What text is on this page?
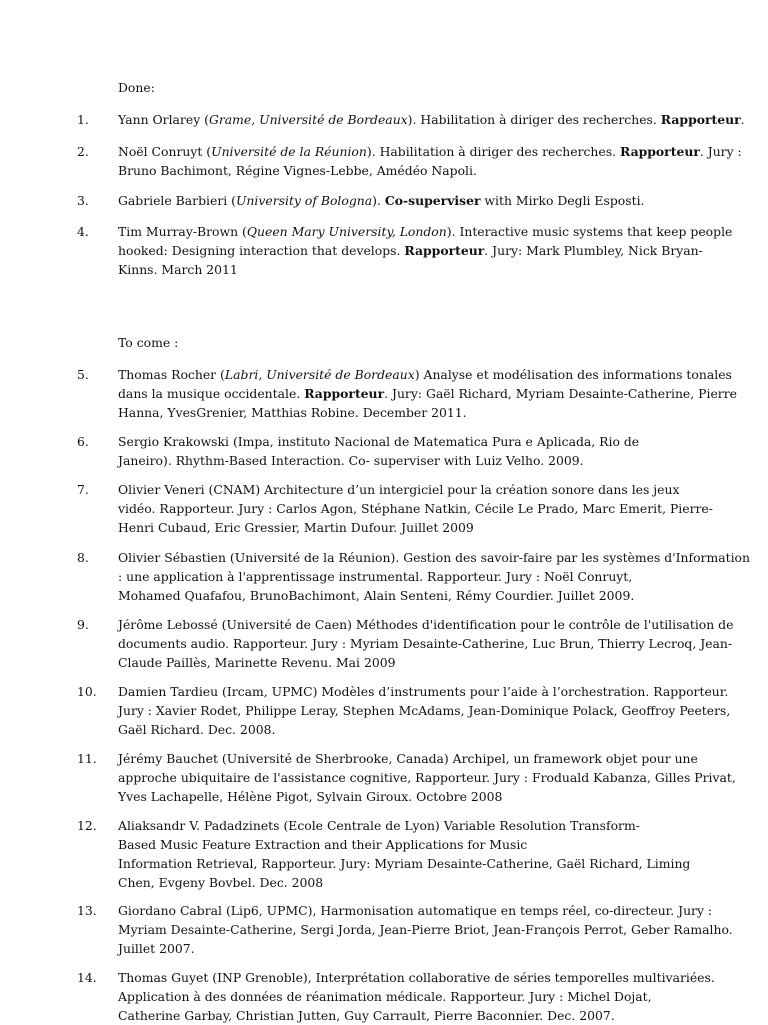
Done:
To come :
1.	Yann Orlarey (Grame, Université de Bordeaux). Habilitation à diriger des recherches. Rapporteur.
2.	Noël Conruyt (Université de la Réunion). Habilitation à diriger des recherches. Rapporteur. Jury :
Bruno Bachimont, Régine Vignes-Lebbe, Amédéo Napoli.
3.	Gabriele Barbieri (University of Bologna). Co-superviser with Mirko Degli Esposti.
4.	Tim Murray-Brown (Queen Mary University, London). Interactive music systems that keep people
hooked: Designing interaction that develops. Rapporteur. Jury: Mark Plumbley, Nick Bryan-
Kinns. March 2011
5.	Thomas Rocher (Labri, Université de Bordeaux) Analyse et modélisation des informations tonales
dans la musique occidentale. Rapporteur. Jury: Gaël Richard, Myriam Desainte-Catherine, Pierre
Hanna, YvesGrenier, Matthias Robine. December 2011.
6.	Sergio Krakowski (Impa, instituto Nacional de Matematica Pura e Aplicada, Rio de
Janeiro). Rhythm-Based Interaction. Co- superviser with Luiz Velho. 2009.
7.	Olivier Veneri (CNAM) Architecture d’un intergiciel pour la création sonore dans les jeux
vidéo. Rapporteur. Jury : Carlos Agon, Stéphane Natkin, Cécile Le Prado, Marc Emerit, Pierre-
Henri Cubaud, Eric Gressier, Martin Dufour. Juillet 2009
8.	Olivier Sébastien (Université de la Réunion). Gestion des savoir-faire par les systèmes d'Information
: une application à l'apprentissage instrumental. Rapporteur. Jury : Noël Conruyt,
Mohamed Quafafou, BrunoBachimont, Alain Senteni, Rémy Courdier. Juillet 2009.
9.	Jérôme Lebossé (Université de Caen) Méthodes d'identification pour le contrôle de l'utilisation de
documents audio. Rapporteur. Jury : Myriam Desainte-Catherine, Luc Brun, Thierry Lecroq, Jean-
Claude Paillès, Marinette Revenu. Mai 2009
10.	Damien Tardieu (Ircam, UPMC) Modèles d’instruments pour l’aide à l’orchestration. Rapporteur.
Jury : Xavier Rodet, Philippe Leray, Stephen McAdams, Jean-Dominique Polack, Geoffroy Peeters,
Gaël Richard. Dec. 2008.
11.	Jérémy Bauchet (Université de Sherbrooke, Canada) Archipel, un framework objet pour une
approche ubiquitaire de l'assistance cognitive, Rapporteur. Jury : Froduald Kabanza, Gilles Privat,
Yves Lachapelle, Hélène Pigot, Sylvain Giroux. Octobre 2008
12.	Aliaksandr V. Padadzinets (Ecole Centrale de Lyon) Variable Resolution Transform-
Based Music Feature Extraction and their Applications for Music
Information Retrieval, Rapporteur. Jury: Myriam Desainte-Catherine, Gaël Richard, Liming
Chen, Evgeny Bovbel. Dec. 2008
13.	Giordano Cabral (Lip6, UPMC), Harmonisation automatique en temps réel, co-directeur. Jury :
Myriam Desainte-Catherine, Sergi Jorda, Jean-Pierre Briot, Jean-François Perrot, Geber Ramalho.
Juillet 2007.
14.	Thomas Guyet (INP Grenoble), Interprétation collaborative de séries temporelles multivariées.
Application à des données de réanimation médicale. Rapporteur. Jury : Michel Dojat,
Catherine Garbay, Christian Jutten, Guy Carrault, Pierre Baconnier. Dec. 2007.
